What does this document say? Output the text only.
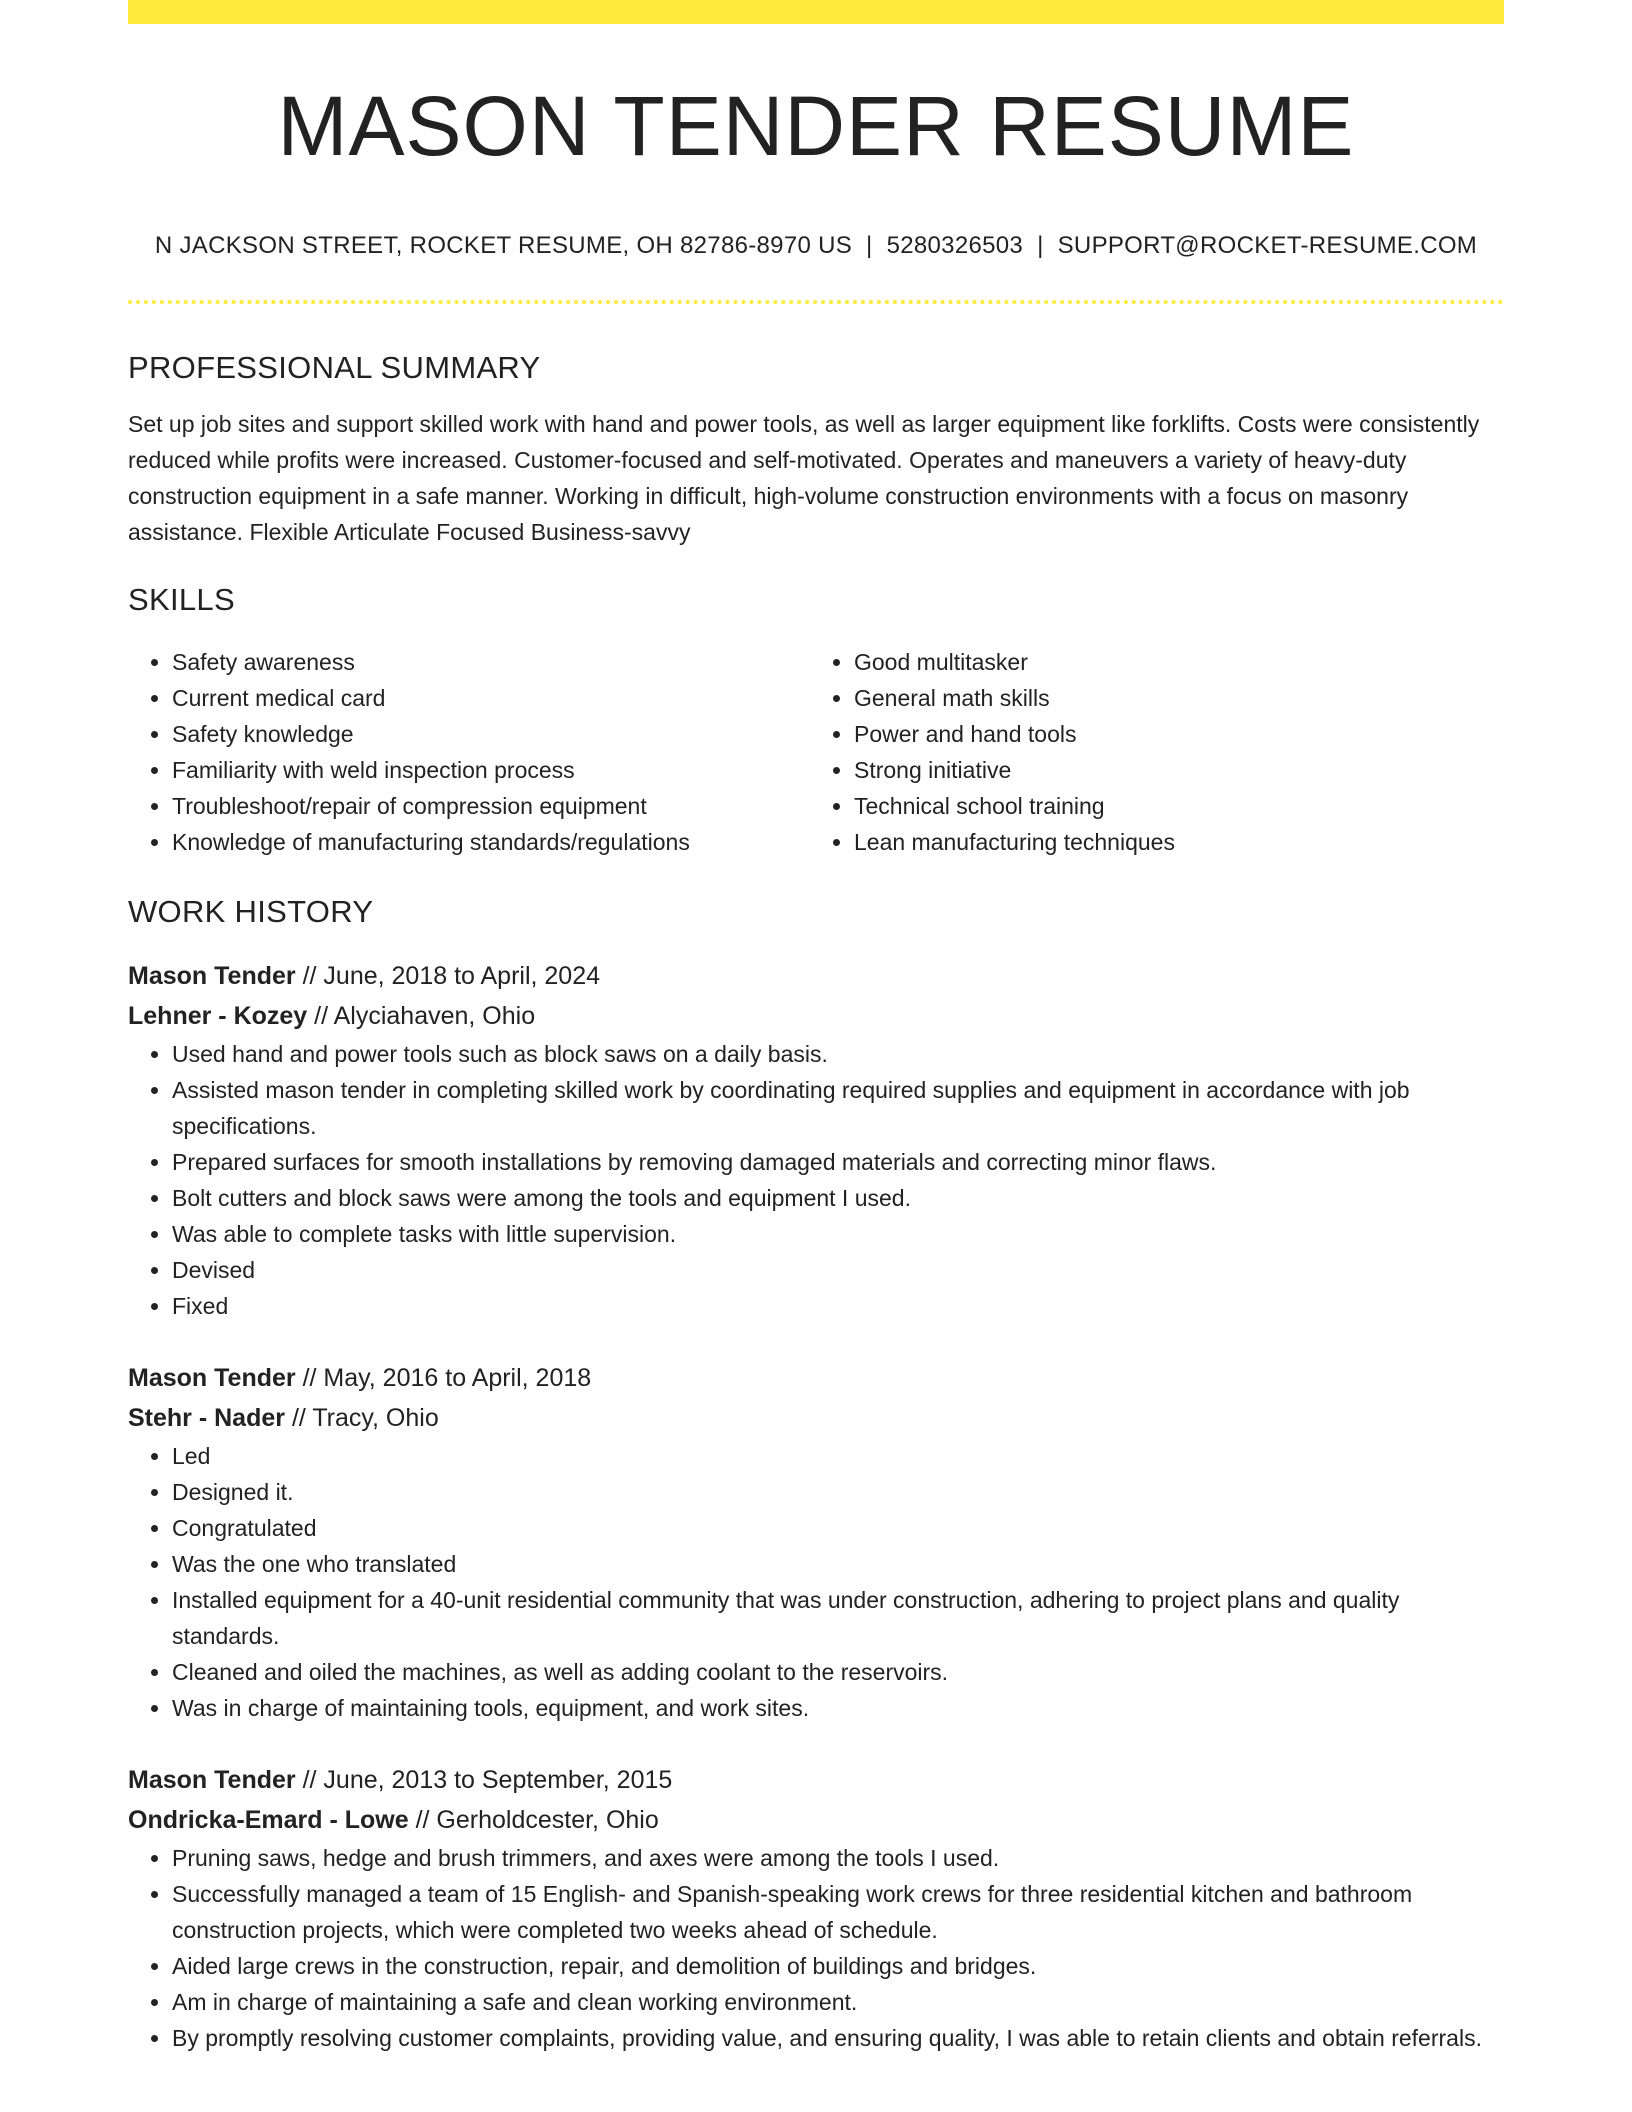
MASON TENDER RESUME
N JACKSON STREET, ROCKET RESUME, OH 82786-8970 US | 5280326503 | SUPPORT@ROCKET-RESUME.COM
PROFESSIONAL SUMMARY
Set up job sites and support skilled work with hand and power tools, as well as larger equipment like forklifts. Costs were consistently reduced while profits were increased. Customer-focused and self-motivated. Operates and maneuvers a variety of heavy-duty construction equipment in a safe manner. Working in difficult, high-volume construction environments with a focus on masonry assistance. Flexible Articulate Focused Business-savvy
SKILLS
• Safety awareness
• Current medical card
• Safety knowledge
• Familiarity with weld inspection process
• Troubleshoot/repair of compression equipment
• Knowledge of manufacturing standards/regulations
• Good multitasker
• General math skills
• Power and hand tools
• Strong initiative
• Technical school training
• Lean manufacturing techniques
WORK HISTORY
Mason Tender // June, 2018 to April, 2024
Lehner - Kozey // Alyciahaven, Ohio
• Used hand and power tools such as block saws on a daily basis.
• Assisted mason tender in completing skilled work by coordinating required supplies and equipment in accordance with job specifications.
• Prepared surfaces for smooth installations by removing damaged materials and correcting minor flaws.
• Bolt cutters and block saws were among the tools and equipment I used.
• Was able to complete tasks with little supervision.
• Devised
• Fixed
Mason Tender // May, 2016 to April, 2018
Stehr - Nader // Tracy, Ohio
• Led
• Designed it.
• Congratulated
• Was the one who translated
• Installed equipment for a 40-unit residential community that was under construction, adhering to project plans and quality standards.
• Cleaned and oiled the machines, as well as adding coolant to the reservoirs.
• Was in charge of maintaining tools, equipment, and work sites.
Mason Tender // June, 2013 to September, 2015
Ondricka-Emard - Lowe // Gerholdcester, Ohio
• Pruning saws, hedge and brush trimmers, and axes were among the tools I used.
• Successfully managed a team of 15 English- and Spanish-speaking work crews for three residential kitchen and bathroom construction projects, which were completed two weeks ahead of schedule.
• Aided large crews in the construction, repair, and demolition of buildings and bridges.
• Am in charge of maintaining a safe and clean working environment.
• By promptly resolving customer complaints, providing value, and ensuring quality, I was able to retain clients and obtain referrals.
